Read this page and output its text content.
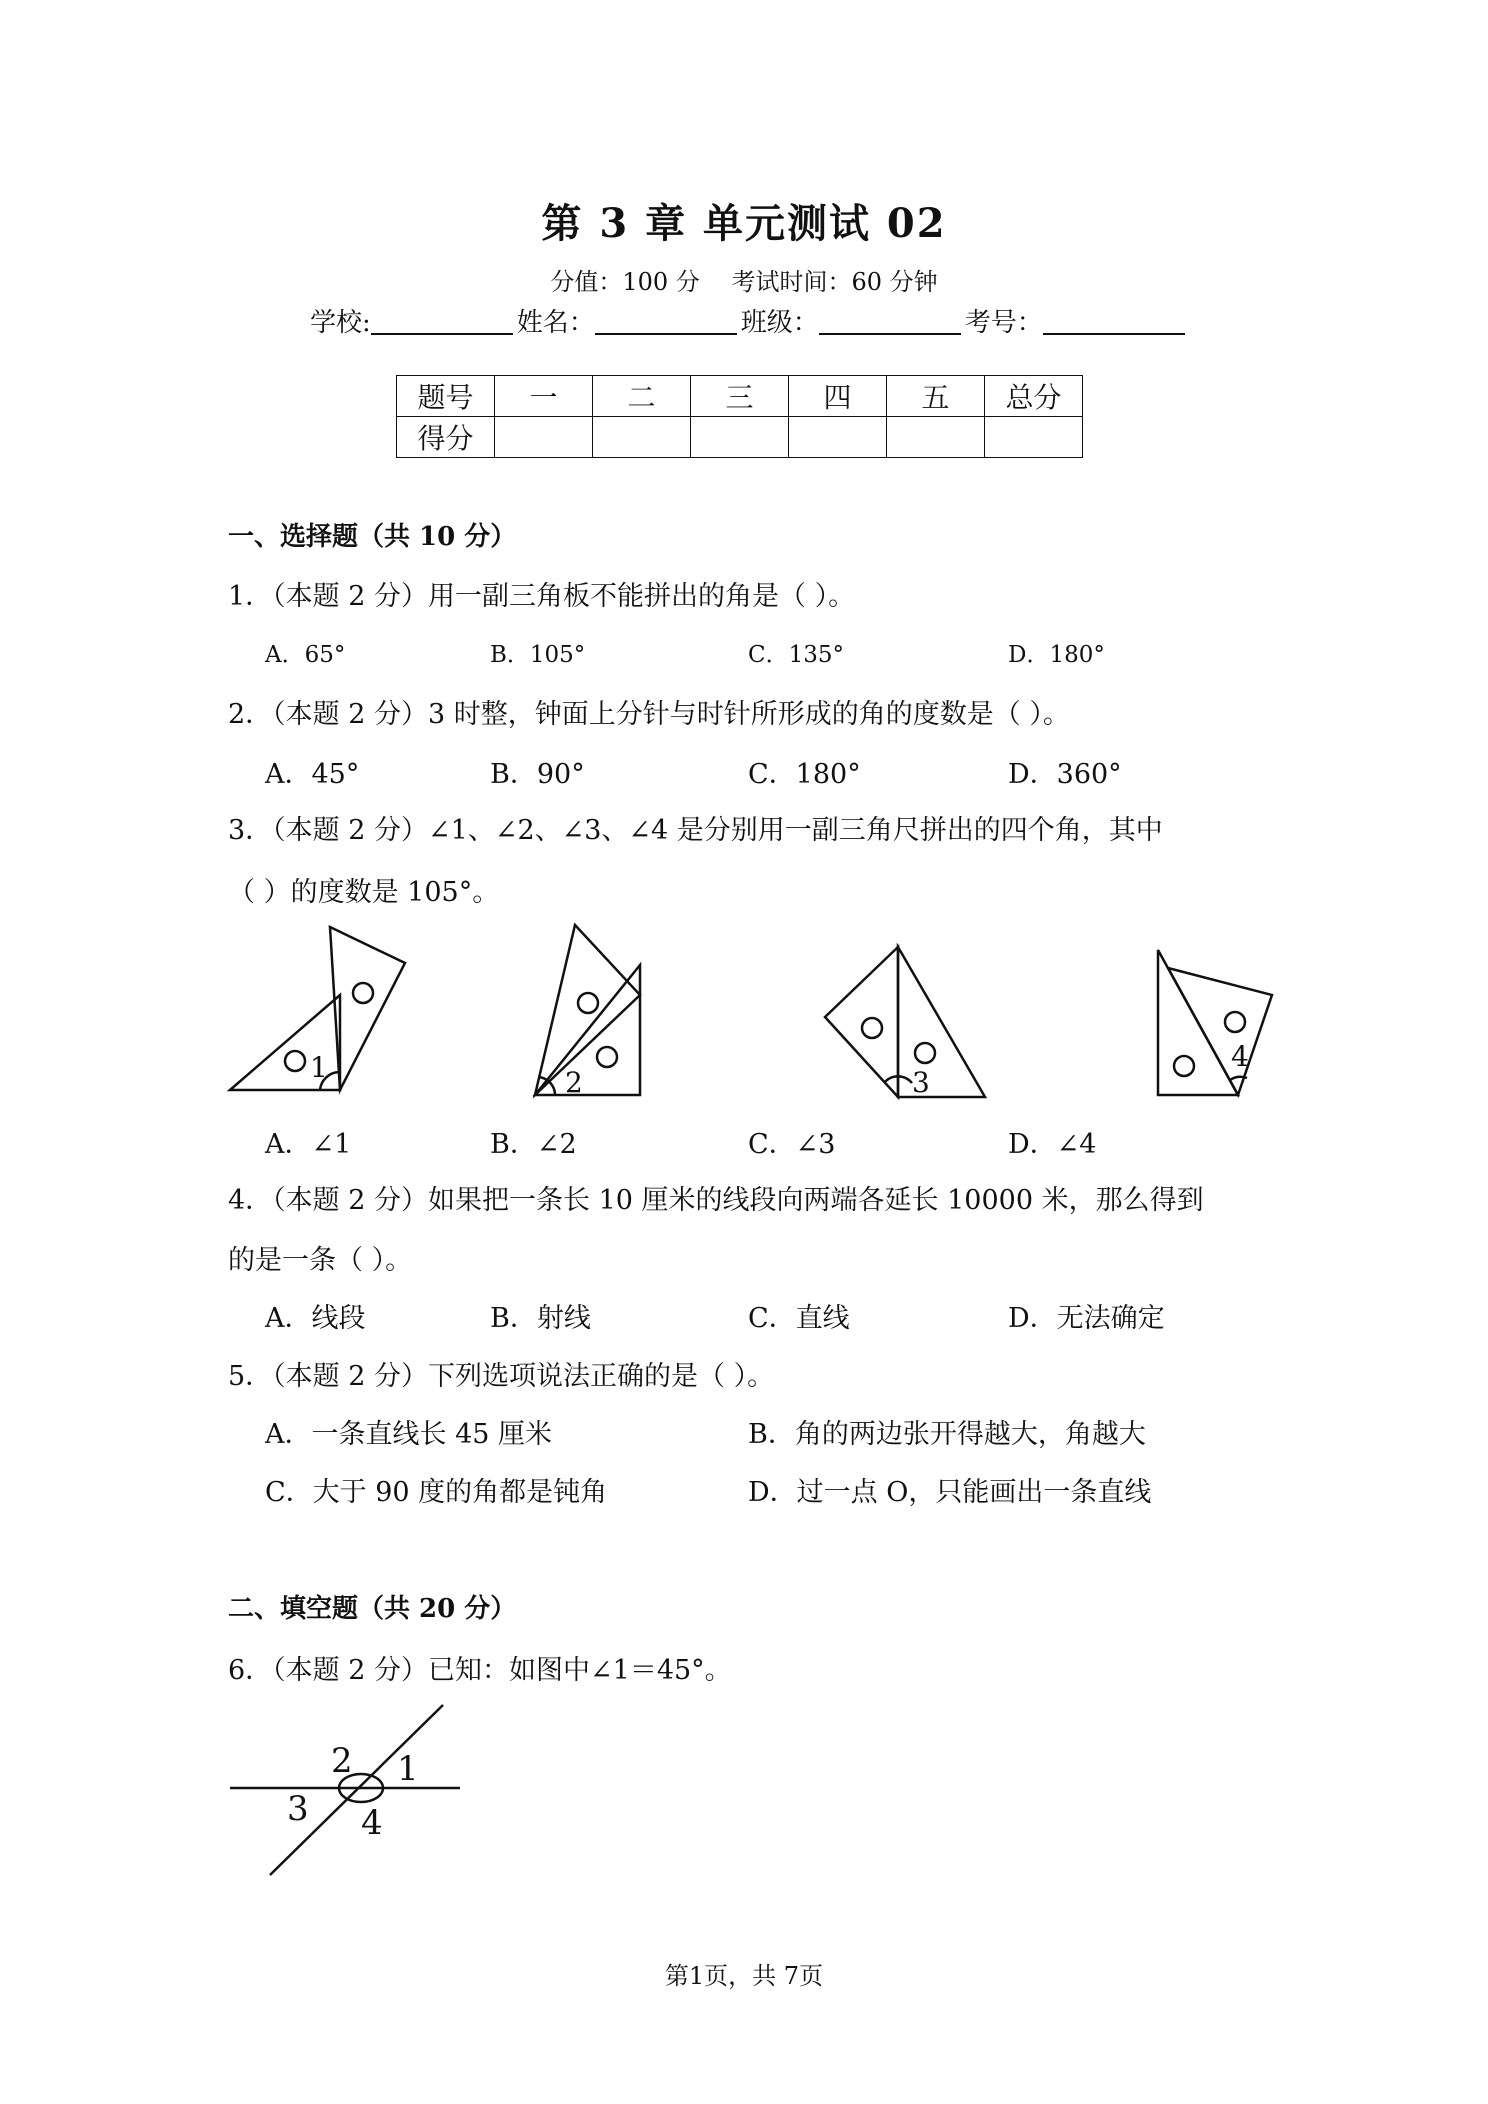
第 3 章 单元测试 02
分值：100 分 考试时间：60 分钟
学校:	姓名：	班级：	考号：
题号	一	二	三	四	五	总分
得分						
一、选择题（共 10 分）
1．（本题 2 分）用一副三角板不能拼出的角是（ ）。
A．65°	B．105°	C．135°	D．180°
2．（本题 2 分）3 时整，钟面上分针与时针所形成的角的度数是（ ）。
A．45°	B．90°	C．180°	D．360°
3．（本题 2 分）∠1、∠2、∠3、∠4 是分别用一副三角尺拼出的四个角，其中
（ ）的度数是 105°。
1	2	3
4
A．∠1	B．∠2	C．∠3	D．∠4
4．（本题 2 分）如果把一条长 10 厘米的线段向两端各延长 10000 米，那么得到
的是一条（ ）。
A．线段	B．射线	C．直线	D．无法确定
5．（本题 2 分）下列选项说法正确的是（ ）。
A．一条直线长 45 厘米	B．角的两边张开得越大，角越大
C．大于 90 度的角都是钝角	D．过一点 O，只能画出一条直线
二、填空题（共 20 分）
6．（本题 2 分）已知：如图中∠1＝45°。
2 1
3 4
第1页，共 7页
